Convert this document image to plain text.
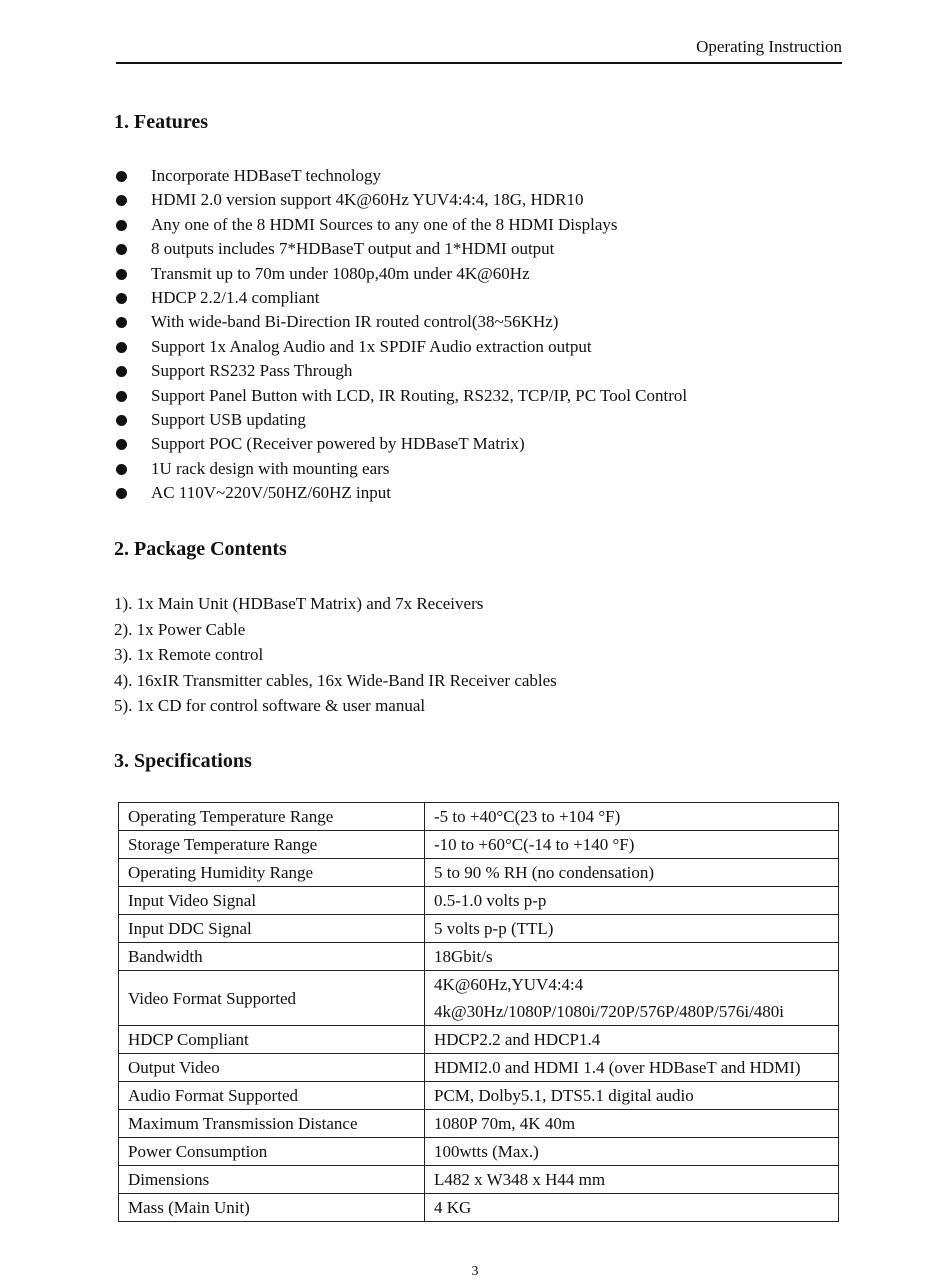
Operating Instruction
1. Features
Incorporate HDBaseT technology
HDMI 2.0 version support 4K@60Hz YUV4:4:4, 18G, HDR10
Any one of the 8 HDMI Sources to any one of the 8 HDMI Displays
8 outputs includes 7*HDBaseT output and 1*HDMI output
Transmit up to 70m under 1080p,40m under 4K@60Hz
HDCP 2.2/1.4 compliant
With wide-band Bi-Direction IR routed control(38~56KHz)
Support 1x Analog Audio and 1x SPDIF Audio extraction output
Support RS232 Pass Through
Support Panel Button with LCD, IR Routing, RS232, TCP/IP, PC Tool Control
Support USB updating
Support POC (Receiver powered by HDBaseT Matrix)
1U rack design with mounting ears
AC 110V~220V/50HZ/60HZ input
2. Package Contents
1). 1x Main Unit (HDBaseT Matrix) and 7x Receivers
2). 1x Power Cable
3). 1x Remote control
4). 16xIR Transmitter cables, 16x Wide-Band IR Receiver cables
5). 1x CD for control software & user manual
3. Specifications
Operating Temperature Range	-5 to +40°C(23 to +104 °F)
Storage Temperature Range	-10 to +60°C(-14 to +140 °F)
Operating Humidity Range	5 to 90 % RH (no condensation)
Input Video Signal	0.5-1.0 volts p-p
Input DDC Signal	5 volts p-p (TTL)
Bandwidth	18Gbit/s
Video Format Supported	4K@60Hz,YUV4:4:4
4k@30Hz/1080P/1080i/720P/576P/480P/576i/480i

HDCP Compliant	HDCP2.2 and HDCP1.4
Output Video	HDMI2.0 and HDMI 1.4 (over HDBaseT and HDMI)
Audio Format Supported	PCM, Dolby5.1, DTS5.1 digital audio
Maximum Transmission Distance	1080P 70m, 4K 40m
Power Consumption	100wtts (Max.)
Dimensions	L482 x W348 x H44 mm
Mass (Main Unit)	4 KG
3
